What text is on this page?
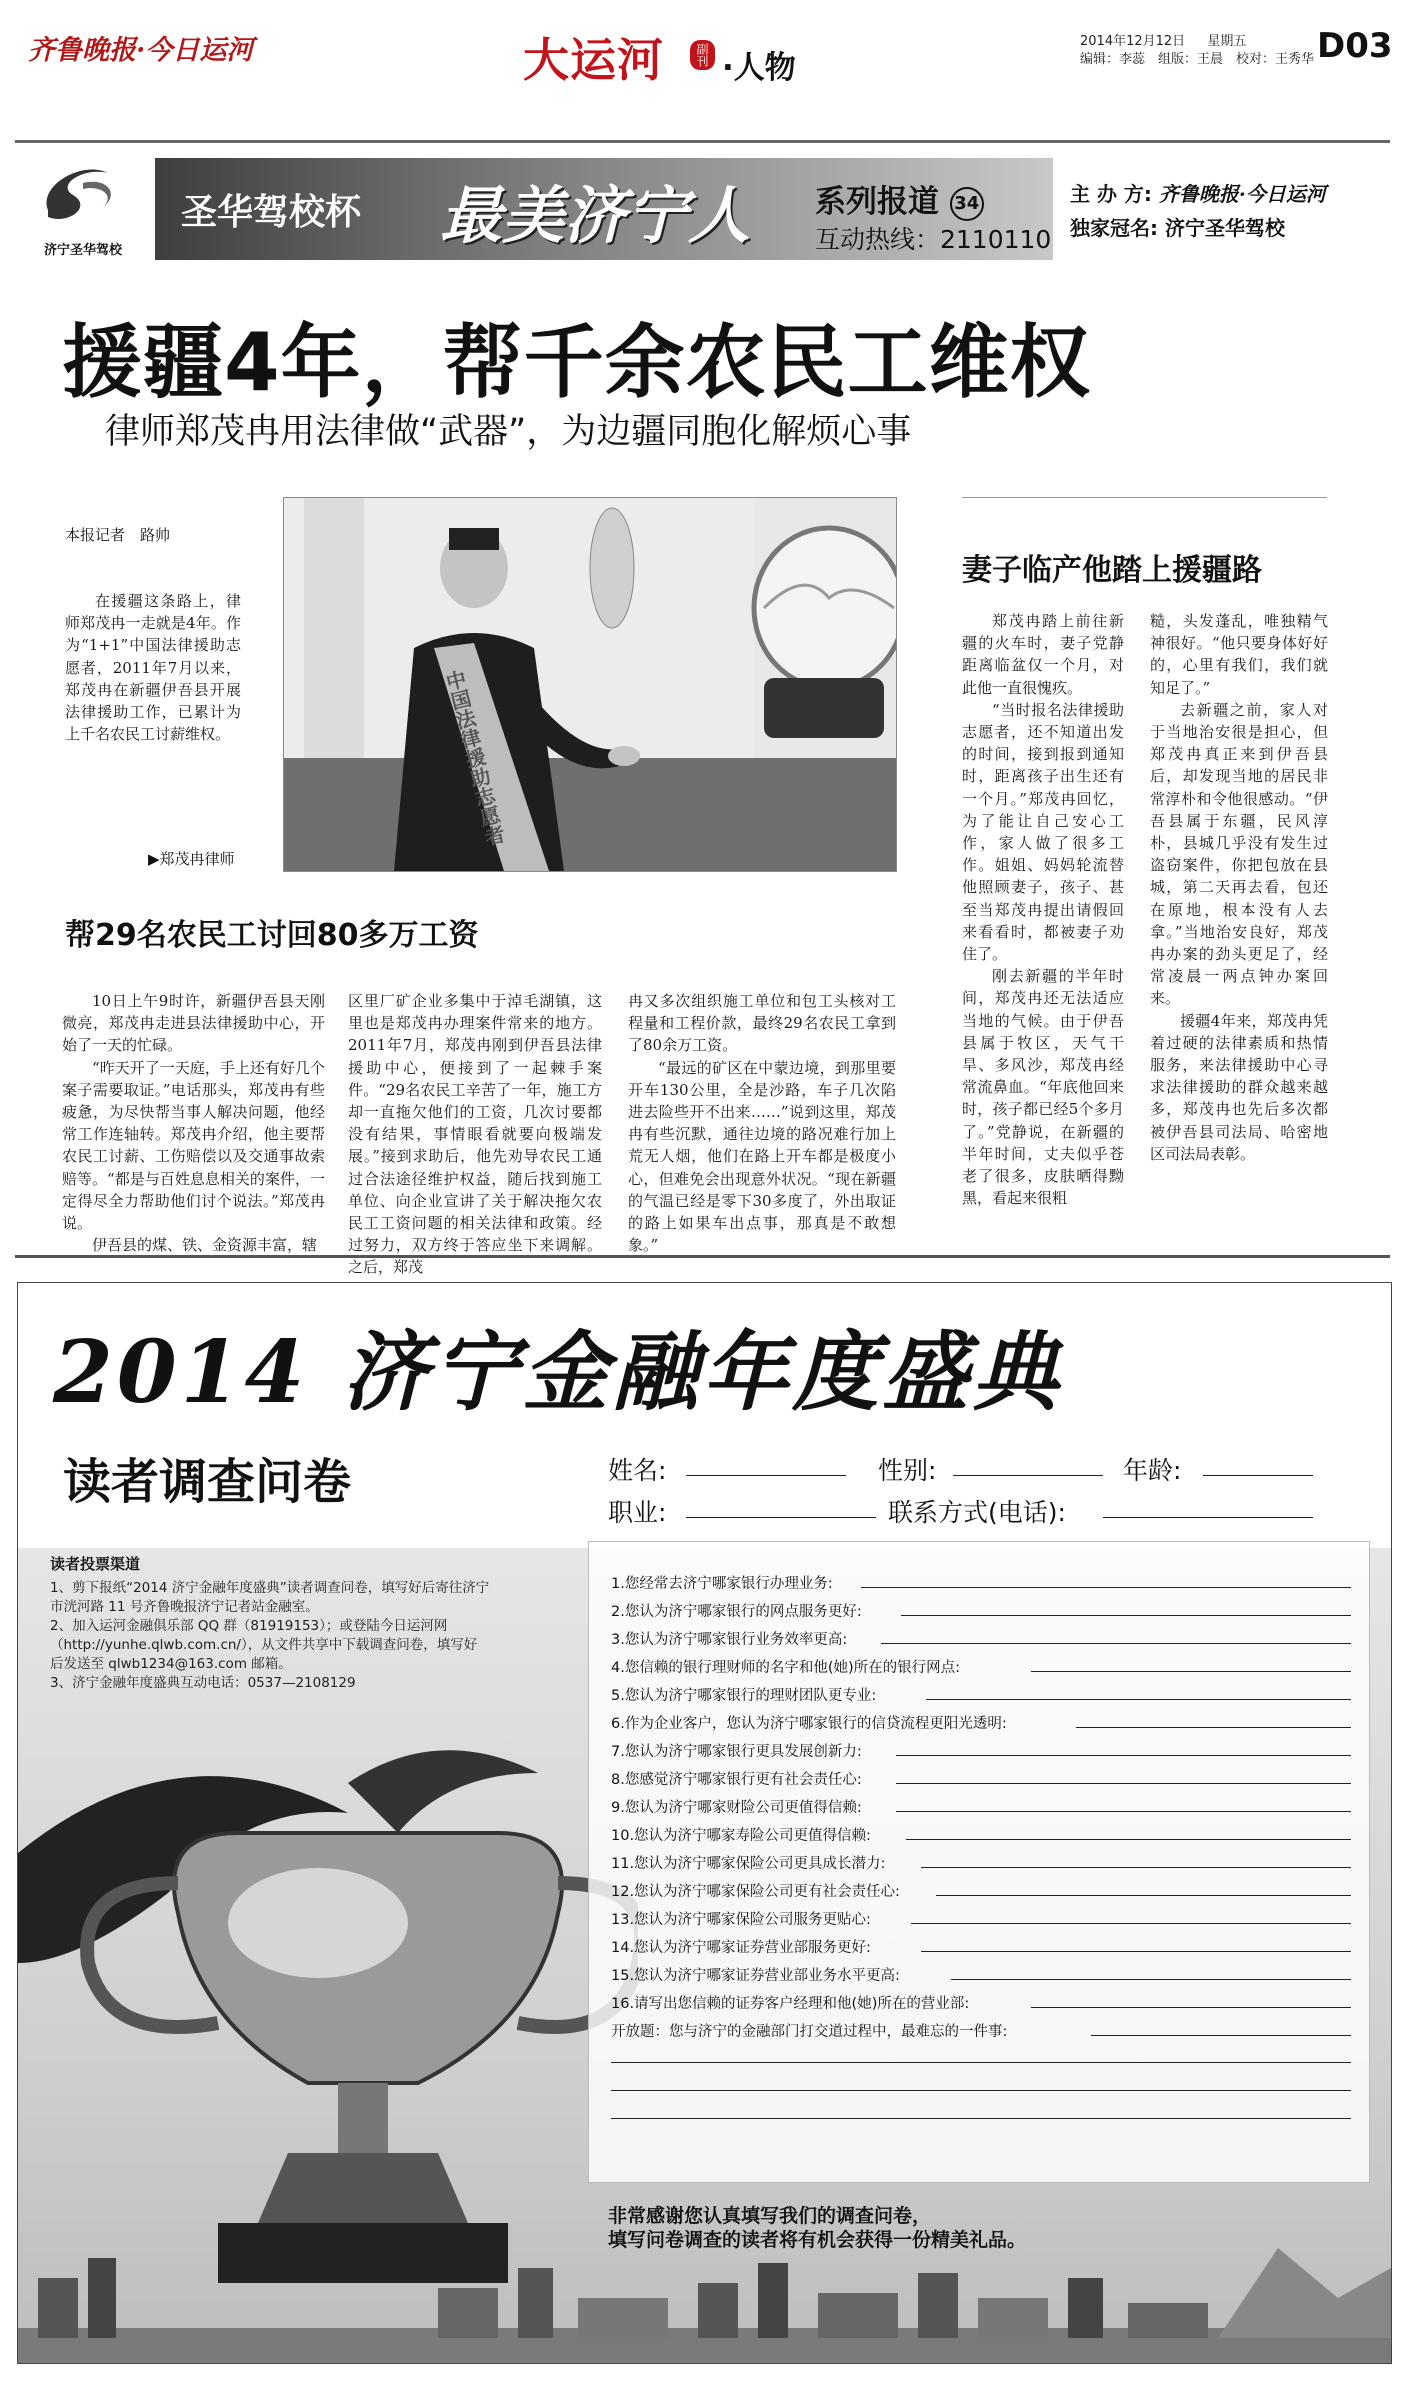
齐鲁晚报·今日运河	大运河	副刊 ·人物
2014年12月12日 星期五
编辑：李蕊　组版：王晨　校对：王秀华 D03
济宁圣华驾校
圣华驾校杯 最美济宁人 系列报道 34
互动热线：2110110
主 办 方: 齐鲁晚报·今日运河
独家冠名: 济宁圣华驾校
援疆4年，帮千余农民工维权
律师郑茂冉用法律做“武器”，为边疆同胞化解烦心事
本报记者　路帅

在援疆这条路上，律师郑茂冉一走就是4年。作为“1+1”中国法律援助志愿者，2011年7月以来，郑茂冉在新疆伊吾县开展法律援助工作，已累计为上千名农民工讨薪维权。

▶郑茂冉律师
中国法律援助志愿者
帮29名农民工讨回80多万工资
妻子临产他踏上援疆路

10日上午9时许，新疆伊吾县天刚微亮，郑茂冉走进县法律援助中心，开始了一天的忙碌。

“昨天开了一天庭，手上还有好几个案子需要取证。”电话那头，郑茂冉有些疲惫，为尽快帮当事人解决问题，他经常工作连轴转。郑茂冉介绍，他主要帮农民工讨薪、工伤赔偿以及交通事故索赔等。“都是与百姓息息相关的案件，一定得尽全力帮助他们讨个说法。”郑茂冉说。

伊吾县的煤、铁、金资源丰富，辖

区里厂矿企业多集中于淖毛湖镇，这里也是郑茂冉办理案件常来的地方。2011年7月，郑茂冉刚到伊吾县法律援助中心，便接到了一起棘手案件。“29名农民工辛苦了一年，施工方却一直拖欠他们的工资，几次讨要都没有结果，事情眼看就要向极端发展。”接到求助后，他先劝导农民工通过合法途径维护权益，随后找到施工单位、向企业宣讲了关于解决拖欠农民工工资问题的相关法律和政策。经过努力，双方终于答应坐下来调解。之后，郑茂

冉又多次组织施工单位和包工头核对工程量和工程价款，最终29名农民工拿到了80余万工资。

“最远的矿区在中蒙边境，到那里要开车130公里，全是沙路，车子几次陷进去险些开不出来……”说到这里，郑茂冉有些沉默，通往边境的路况难行加上荒无人烟，他们在路上开车都是极度小心，但难免会出现意外状况。“现在新疆的气温已经是零下30多度了，外出取证的路上如果车出点事，那真是不敢想象。”

郑茂冉踏上前往新疆的火车时，妻子党静距离临盆仅一个月，对此他一直很愧疚。

“当时报名法律援助志愿者，还不知道出发的时间，接到报到通知时，距离孩子出生还有一个月。”郑茂冉回忆，为了能让自己安心工作，家人做了很多工作。姐姐、妈妈轮流替他照顾妻子，孩子、甚至当郑茂冉提出请假回来看看时，都被妻子劝住了。

刚去新疆的半年时间，郑茂冉还无法适应当地的气候。由于伊吾县属于牧区，天气干旱、多风沙，郑茂冉经常流鼻血。“年底他回来时，孩子都已经5个多月了。”党静说，在新疆的半年时间，丈夫似乎苍老了很多，皮肤晒得黝黑，看起来很粗

糙，头发蓬乱，唯独精气神很好。“他只要身体好好的，心里有我们，我们就知足了。”

去新疆之前，家人对于当地治安很是担心，但郑茂冉真正来到伊吾县后，却发现当地的居民非常淳朴和令他很感动。“伊吾县属于东疆，民风淳朴，县城几乎没有发生过盗窃案件，你把包放在县城，第二天再去看，包还在原地，根本没有人去拿。”当地治安良好，郑茂冉办案的劲头更足了，经常凌晨一两点钟办案回来。

援疆4年来，郑茂冉凭着过硬的法律素质和热情服务，来法律援助中心寻求法律援助的群众越来越多，郑茂冉也先后多次都被伊吾县司法局、哈密地区司法局表彰。

2014 济宁金融年度盛典
读者调查问卷	姓名:	性别:	年龄:
职业:	联系方式(电话):
读者投票渠道
1、剪下报纸“2014 济宁金融年度盛典”读者调查问卷，填写好后寄往济宁市洸河路 11 号齐鲁晚报济宁记者站金融室。
2、加入运河金融俱乐部 QQ 群（81919153）；或登陆今日运河网（http://yunhe.qlwb.com.cn/），从文件共享中下载调查问卷，填写好后发送至 qlwb1234@163.com 邮箱。
3、济宁金融年度盛典互动电话：0537—2108129
1.您经常去济宁哪家银行办理业务:
2.您认为济宁哪家银行的网点服务更好:
3.您认为济宁哪家银行业务效率更高:
4.您信赖的银行理财师的名字和他(她)所在的银行网点:
5.您认为济宁哪家银行的理财团队更专业:
6.作为企业客户，您认为济宁哪家银行的信贷流程更阳光透明:
7.您认为济宁哪家银行更具发展创新力:
8.您感觉济宁哪家银行更有社会责任心:
9.您认为济宁哪家财险公司更值得信赖:
10.您认为济宁哪家寿险公司更值得信赖:
11.您认为济宁哪家保险公司更具成长潜力:
12.您认为济宁哪家保险公司更有社会责任心:
13.您认为济宁哪家保险公司服务更贴心:
14.您认为济宁哪家证券营业部服务更好:
15.您认为济宁哪家证券营业部业务水平更高:
16.请写出您信赖的证券客户经理和他(她)所在的营业部:
开放题：您与济宁的金融部门打交道过程中，最难忘的一件事:
非常感谢您认真填写我们的调查问卷，
填写问卷调查的读者将有机会获得一份精美礼品。
